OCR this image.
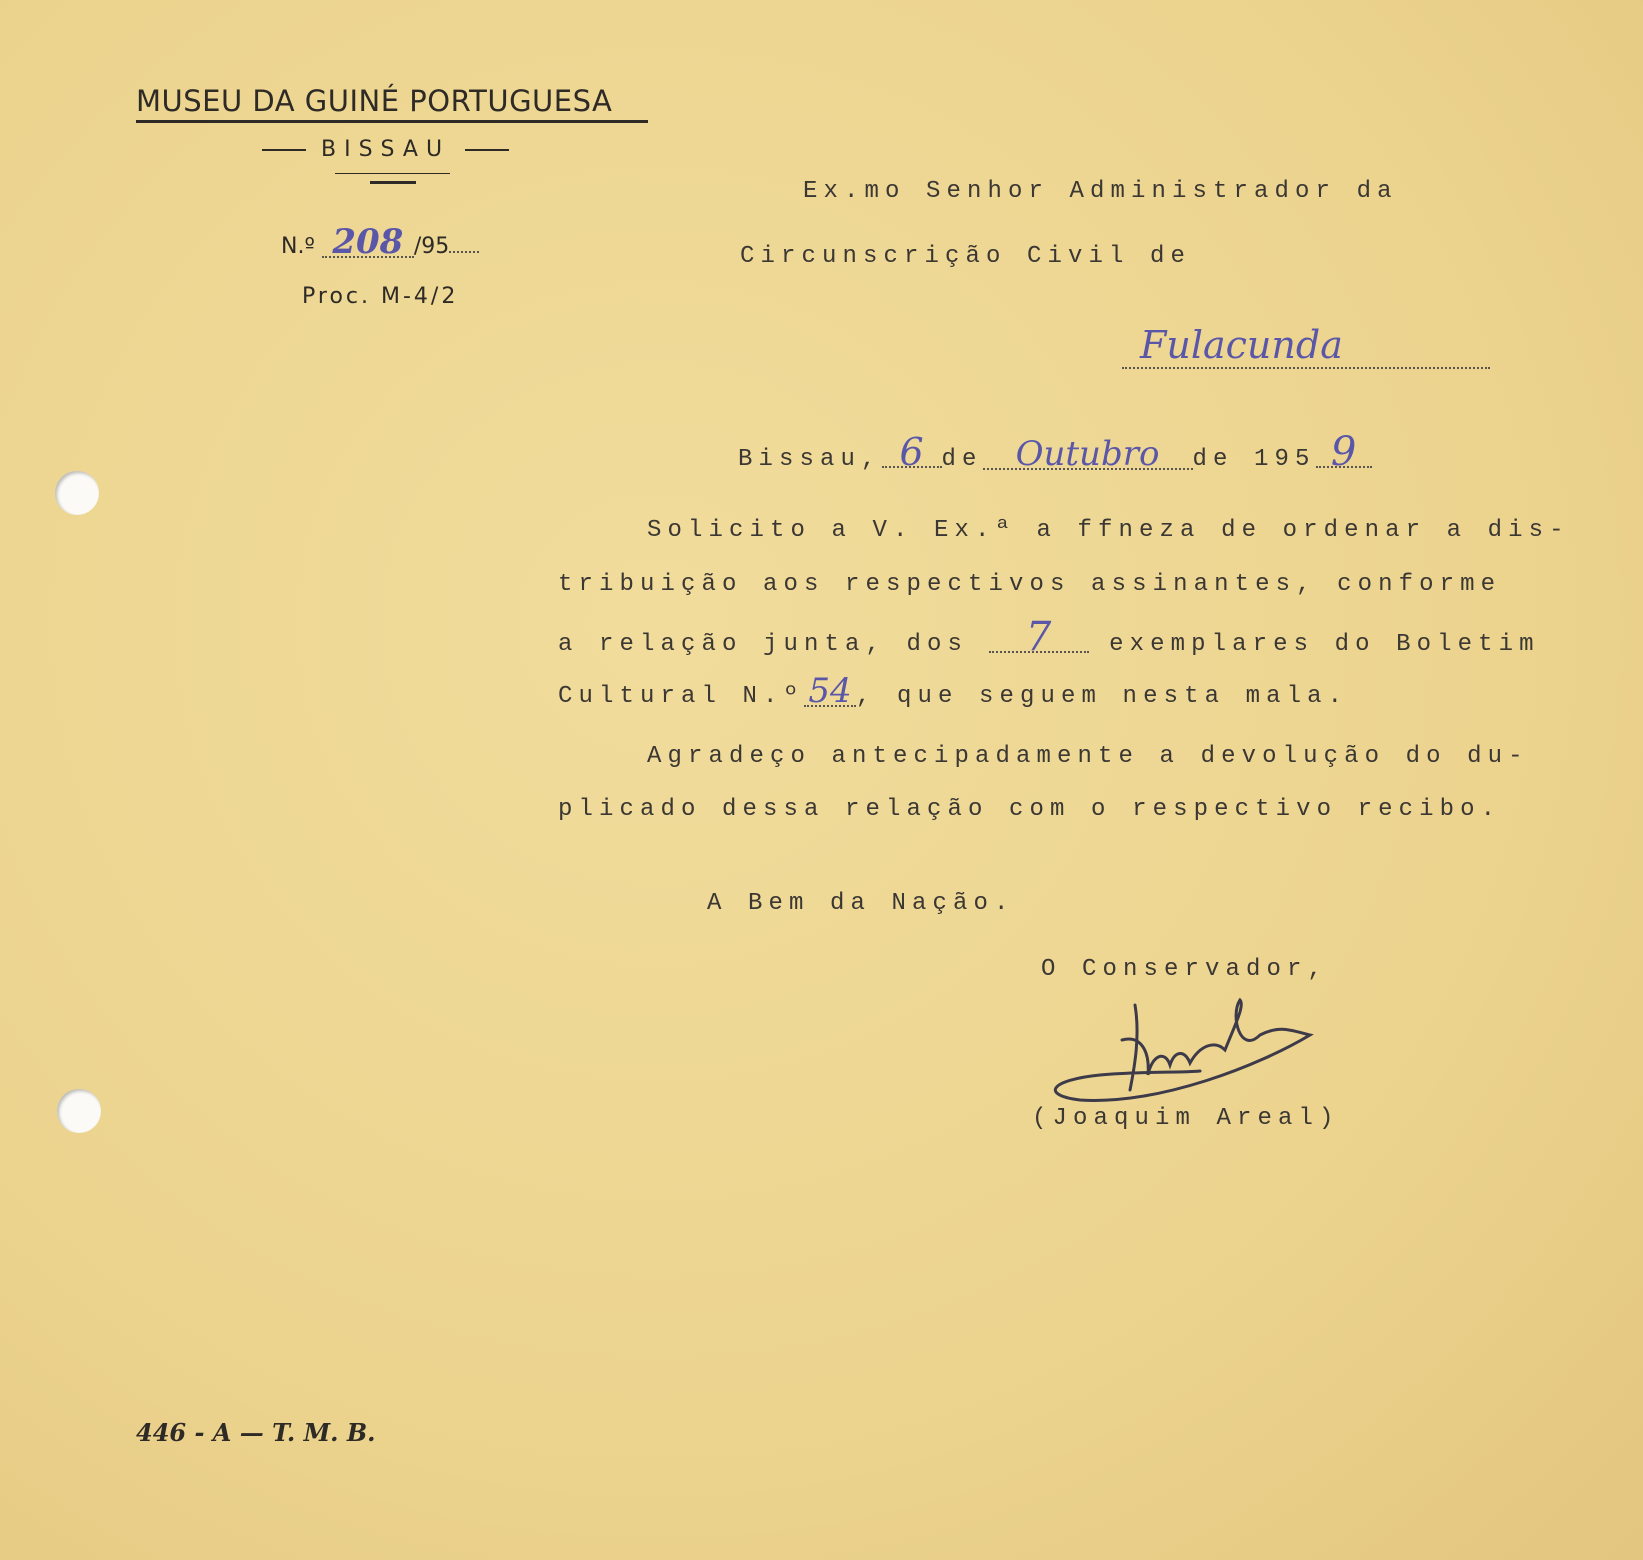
MUSEU DA GUINÉ PORTUGUESA
BISSAU
N.º 208 /95
Proc. M-4/2
Ex.mo Senhor Administrador da
Circunscrição Civil de
Fulacunda
Bissau, 6 de Outubro de 195 9
Solicito a V. Ex.ª a ffneza de ordenar a dis-
tribuição aos respectivos assinantes, conforme
a relação junta, dos 7 exemplares do Boletim
Cultural N.º 54 , que seguem nesta mala.
Agradeço antecipadamente a devolução do du-
plicado dessa relação com o respectivo recibo.
A Bem da Nação.
O Conservador,
(Joaquim Areal)
446 - A — T. M. B.
